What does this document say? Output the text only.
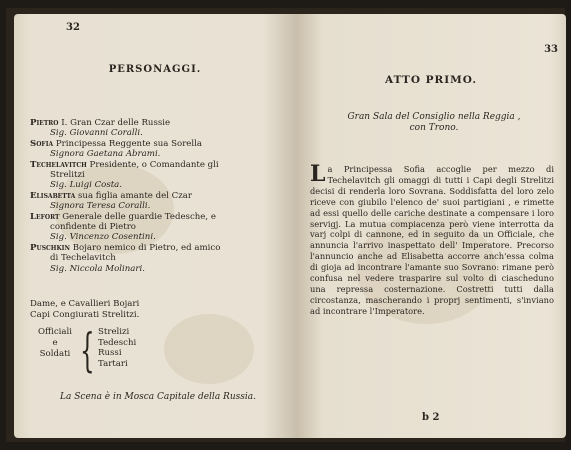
32
PERSONAGGI.
Pietro I. Gran Czar delle Russie
Sig. Giovanni Coralli.
Sofia Principessa Reggente sua Sorella
Signora Gaetana Abrami.
Techelavitch Presidente, o Comandante gli
Strelitzi
Sig. Luigi Costa.
Elisabetta sua figlia amante del Czar
Signora Teresa Coralli.
Lefort Generale delle guardie Tedesche, e
confidente di Pietro
Sig. Vincenzo Cosentini.
Puschkin Bojaro nemico di Pietro, ed amico
di Techelavitch
Sig. Niccola Molinari.
Dame, e Cavallieri Bojari
Capi Congiurati Strelitzi.
Officiali
e
Soldati { Strelizi
Tedeschi
Russi
Tartari
La Scena è in Mosca Capitale della Russia.
33
ATTO PRIMO.
Gran Sala del Consiglio nella Reggia ,
con Trono.
La Principessa Sofia accoglie per mezzo di Techelavitch gli omaggi di tutti i Capi degli Strelitzi decisi di renderla loro Sovrana. Soddisfatta del loro zelo riceve con giubilo l'elenco de' suoi partigiani , e rimette ad essi quello delle cariche destinate a compensare i loro servigj. La mutua compiacenza però viene interrotta da varj colpi di cannone, ed in seguito da un Officiale, che annuncia l'arrivo inaspettato dell' Imperatore. Precorso l'annuncio anche ad Elisabetta accorre anch'essa colma di gioja ad incontrare l'amante suo Sovrano: rimane però confusa nel vedere trasparire sul volto di ciascheduno una repressa costernazione. Costretti tutti dalla circostanza, mascherando i proprj sentimenti, s'inviano ad incontrare l'Imperatore.
b 2
